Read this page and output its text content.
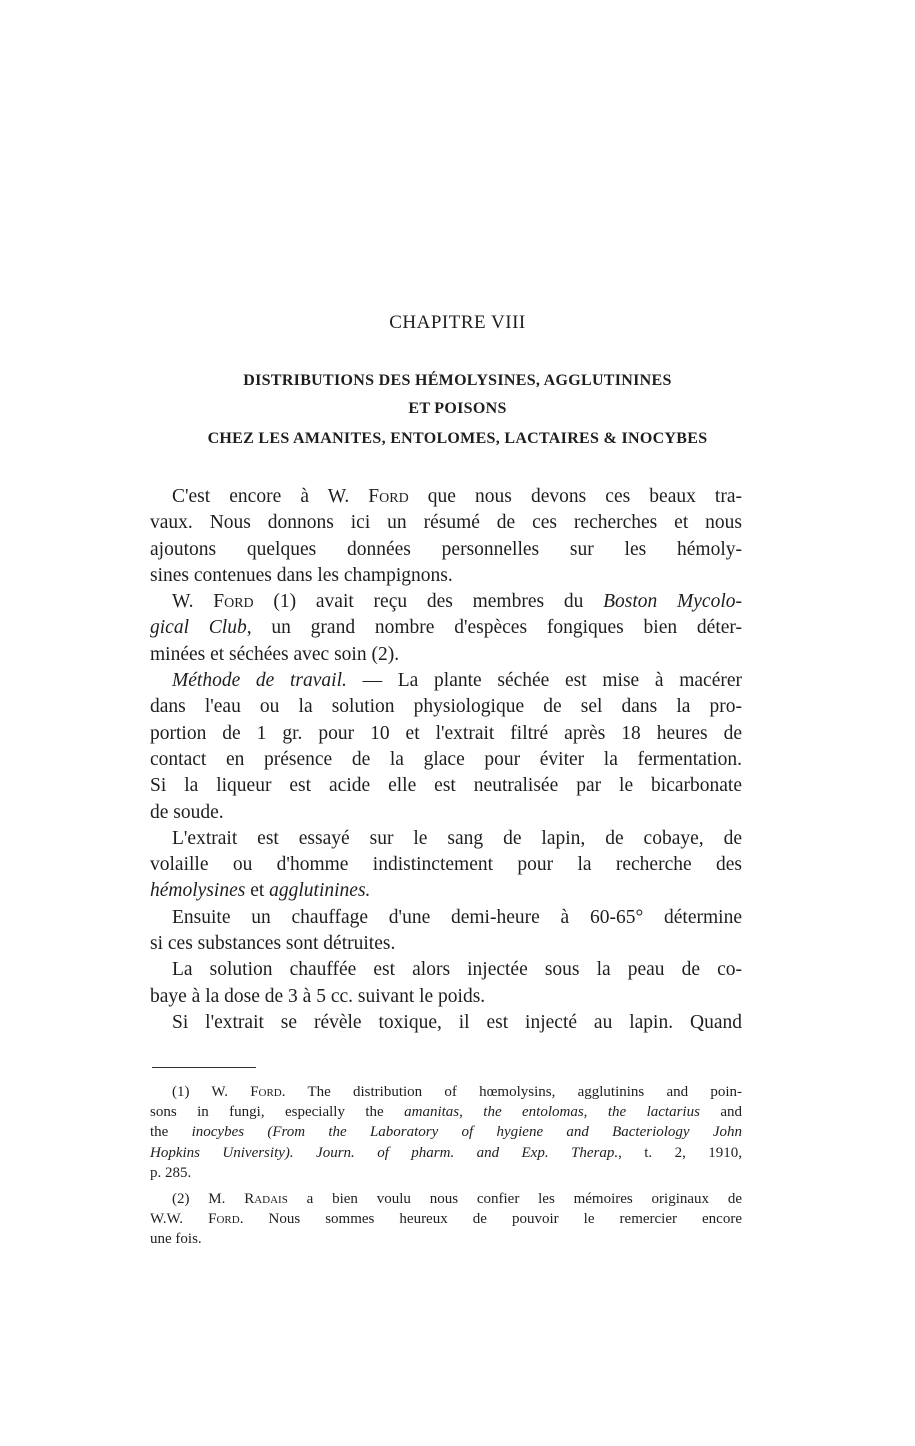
CHAPITRE VIII
DISTRIBUTIONS DES HÉMOLYSINES, AGGLUTININES
ET POISONS
CHEZ LES AMANITES, ENTOLOMES, LACTAIRES & INOCYBES
C'est encore à W. Ford que nous devons ces beaux tra-
vaux. Nous donnons ici un résumé de ces recherches et nous
ajoutons quelques données personnelles sur les hémoly-
sines contenues dans les champignons.
W. Ford (1) avait reçu des membres du Boston Mycolo-
gical Club, un grand nombre d'espèces fongiques bien déter-
minées et séchées avec soin (2).
Méthode de travail. — La plante séchée est mise à macérer
dans l'eau ou la solution physiologique de sel dans la pro-
portion de 1 gr. pour 10 et l'extrait filtré après 18 heures de
contact en présence de la glace pour éviter la fermentation.
Si la liqueur est acide elle est neutralisée par le bicarbonate
de soude.
L'extrait est essayé sur le sang de lapin, de cobaye, de
volaille ou d'homme indistinctement pour la recherche des
hémolysines et agglutinines.
Ensuite un chauffage d'une demi-heure à 60-65° détermine
si ces substances sont détruites.
La solution chauffée est alors injectée sous la peau de co-
baye à la dose de 3 à 5 cc. suivant le poids.
Si l'extrait se révèle toxique, il est injecté au lapin. Quand
(1) W. Ford. The distribution of hœmolysins, agglutinins and poin-
sons in fungi, especially the amanitas, the entolomas, the lactarius and
the inocybes (From the Laboratory of hygiene and Bacteriology John
Hopkins University). Journ. of pharm. and Exp. Therap., t. 2, 1910,
p. 285.
(2) M. Radais a bien voulu nous confier les mémoires originaux de
W.W. Ford. Nous sommes heureux de pouvoir le remercier encore
une fois.
